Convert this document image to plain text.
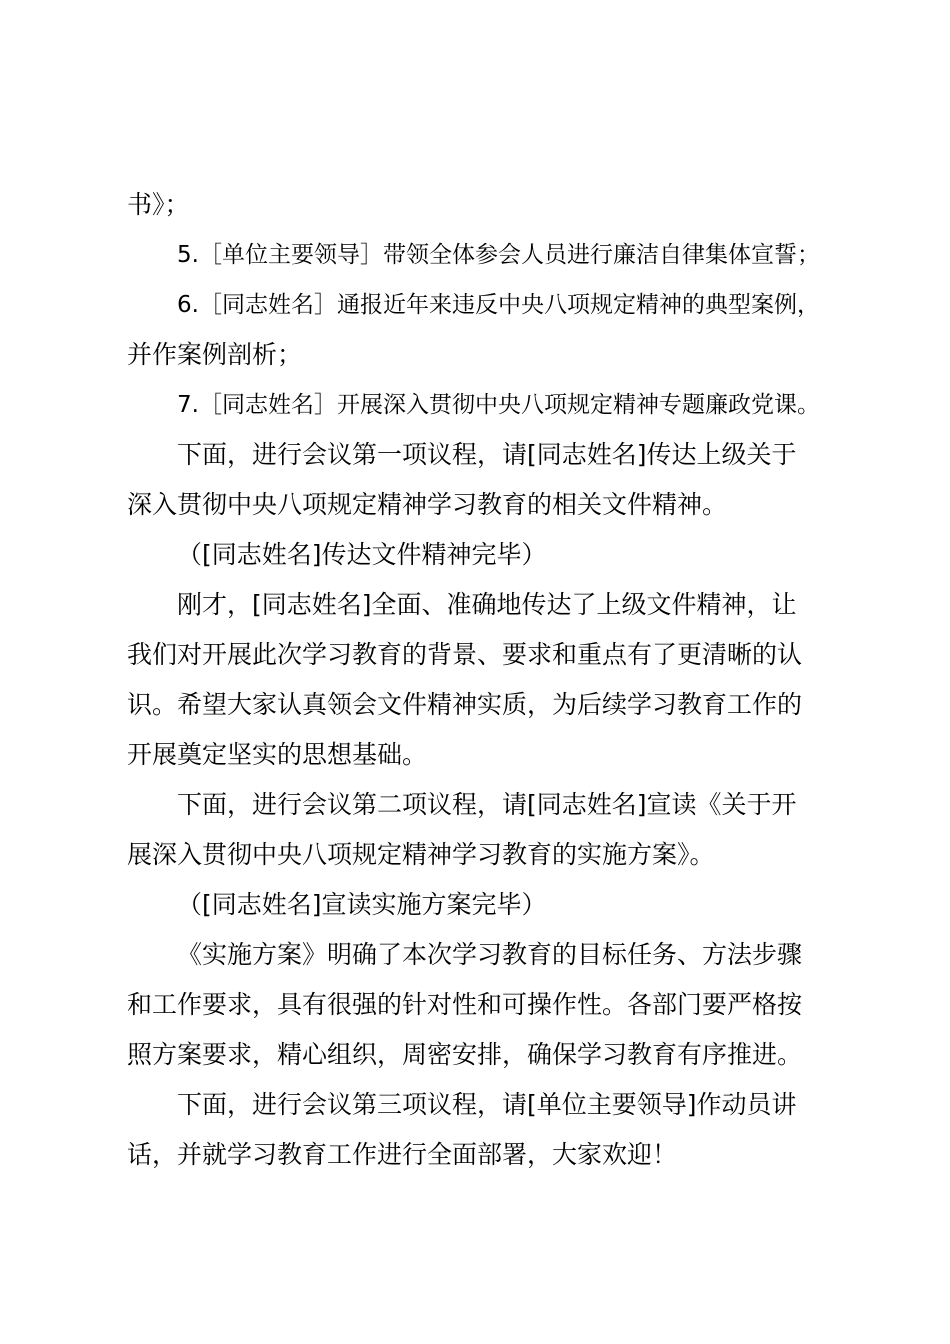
书》；
5.［单位主要领导］带领全体参会人员进行廉洁自律集体宣誓；
6.［同志姓名］通报近年来违反中央八项规定精神的典型案例，
并作案例剖析；
7.［同志姓名］开展深入贯彻中央八项规定精神专题廉政党课。
下面，进行会议第一项议程，请[同志姓名]传达上级关于
深入贯彻中央八项规定精神学习教育的相关文件精神。
（[同志姓名]传达文件精神完毕）
刚才，[同志姓名]全面、准确地传达了上级文件精神，让
我们对开展此次学习教育的背景、要求和重点有了更清晰的认
识。希望大家认真领会文件精神实质，为后续学习教育工作的
开展奠定坚实的思想基础。
下面，进行会议第二项议程，请[同志姓名]宣读《关于开
展深入贯彻中央八项规定精神学习教育的实施方案》。
（[同志姓名]宣读实施方案完毕）
《实施方案》明确了本次学习教育的目标任务、方法步骤
和工作要求，具有很强的针对性和可操作性。各部门要严格按
照方案要求，精心组织，周密安排，确保学习教育有序推进。
下面，进行会议第三项议程，请[单位主要领导]作动员讲
话，并就学习教育工作进行全面部署，大家欢迎！
